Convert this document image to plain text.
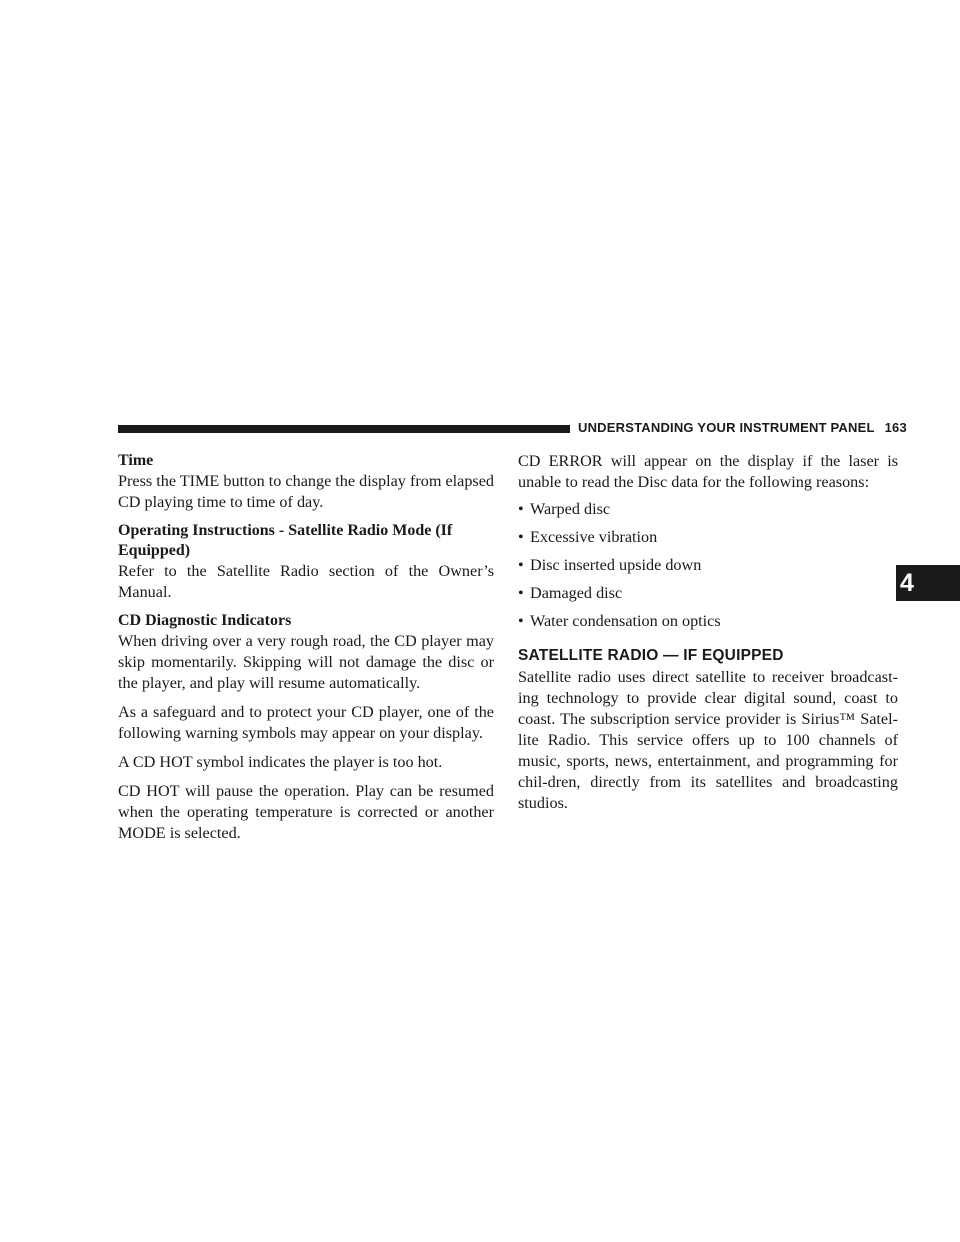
UNDERSTANDING YOUR INSTRUMENT PANEL 163
4
Time

Press the TIME button to change the display from elapsed CD playing time to time of day.

Operating Instructions - Satellite Radio Mode (If Equipped)

Refer to the Satellite Radio section of the Owner’s Manual.

CD Diagnostic Indicators

When driving over a very rough road, the CD player may skip momentarily. Skipping will not damage the disc or the player, and play will resume automatically.

As a safeguard and to protect your CD player, one of the following warning symbols may appear on your display.

A CD HOT symbol indicates the player is too hot.

CD HOT will pause the operation. Play can be resumed when the operating temperature is corrected or another MODE is selected.

CD ERROR will appear on the display if the laser is unable to read the Disc data for the following reasons:

• Warped disc
• Excessive vibration
• Disc inserted upside down
• Damaged disc
• Water condensation on optics
SATELLITE RADIO — IF EQUIPPED

Satellite radio uses direct satellite to receiver broadcast-ing technology to provide clear digital sound, coast to coast. The subscription service provider is Sirius™ Satel-lite Radio. This service offers up to 100 channels of music, sports, news, entertainment, and programming for chil-dren, directly from its satellites and broadcasting studios.
